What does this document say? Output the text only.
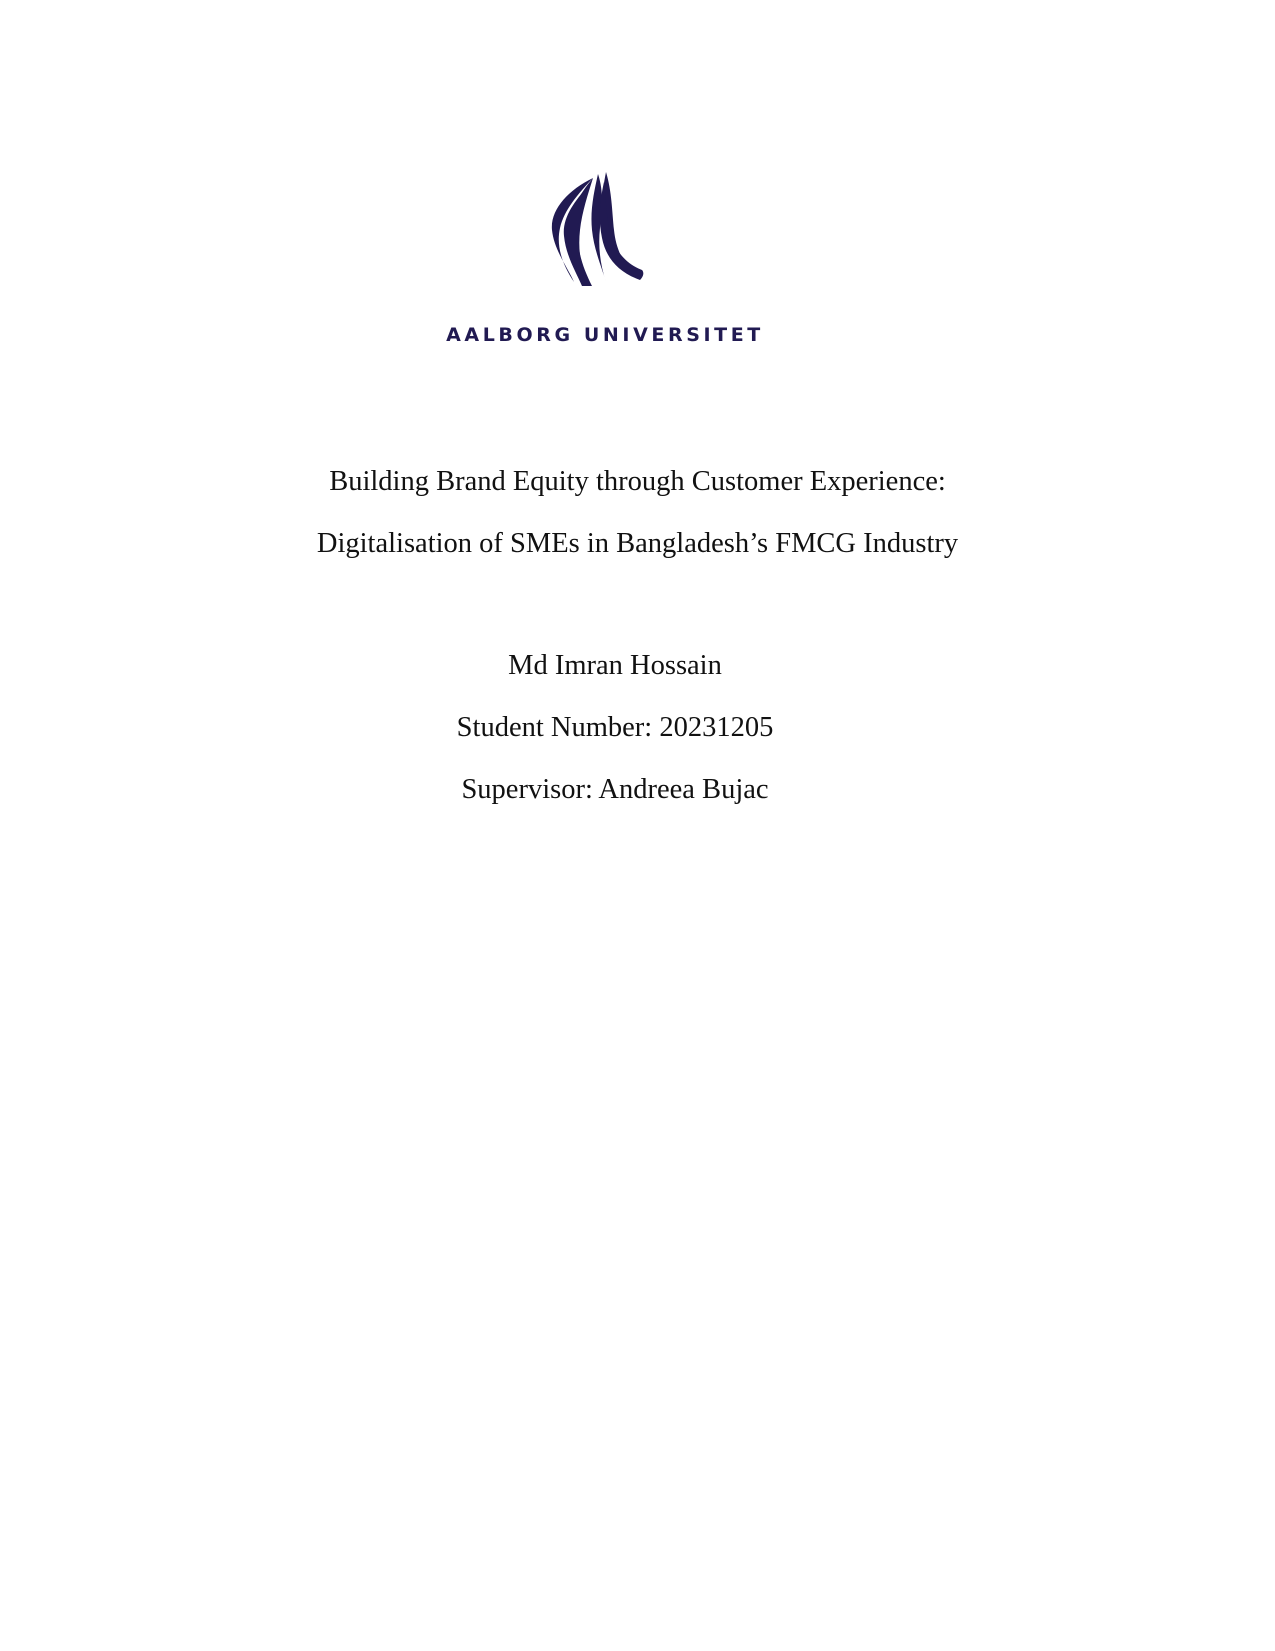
AALBORG UNIVERSITET
Building Brand Equity through Customer Experience:
Digitalisation of SMEs in Bangladesh’s FMCG Industry
Md Imran Hossain
Student Number: 20231205
Supervisor: Andreea Bujac
